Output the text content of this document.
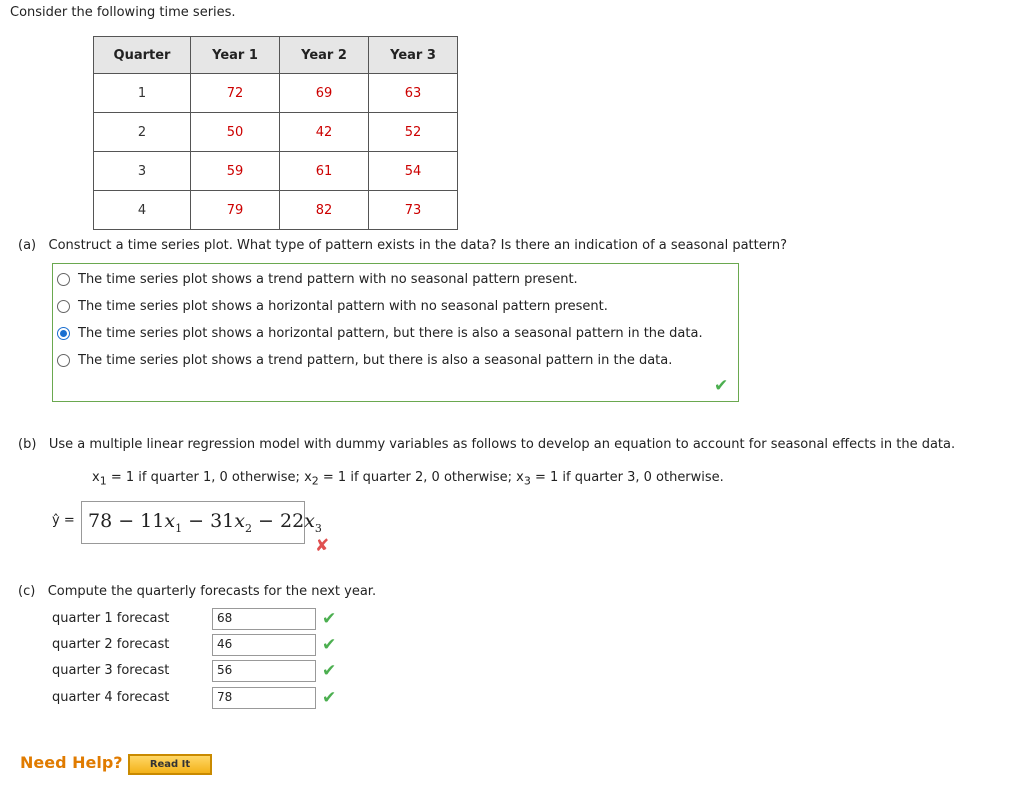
Consider the following time series.
Quarter	Year 1	Year 2	Year 3
1	72	69	63
2	50	42	52
3	59	61	54
4	79	82	73
(a) Construct a time series plot. What type of pattern exists in the data? Is there an indication of a seasonal pattern?
The time series plot shows a trend pattern with no seasonal pattern present.
The time series plot shows a horizontal pattern with no seasonal pattern present.
The time series plot shows a horizontal pattern, but there is also a seasonal pattern in the data.
The time series plot shows a trend pattern, but there is also a seasonal pattern in the data.
✔
(b) Use a multiple linear regression model with dummy variables as follows to develop an equation to account for seasonal effects in the data.
$x_1 = 1$ if quarter 1, 0 otherwise; $x_2 = 1$ if quarter 2, 0 otherwise; $x_3 = 1$ if quarter 3, 0 otherwise.
ŷ = $78 - 11x_1 - 31x_2 - 22x_3$
✘
(c) Compute the quarterly forecasts for the next year.
quarter 1 forecast	68	✔
quarter 2 forecast	46	✔
quarter 3 forecast	56	✔
quarter 4 forecast	78	✔
Need Help?	Read It
